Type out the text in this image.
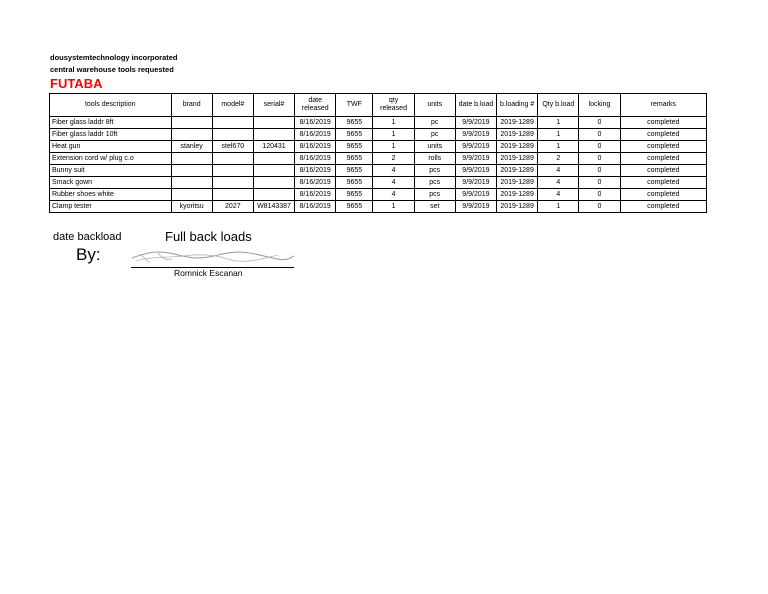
dousystemtechnology incorporated
central warehouse tools requested
FUTABA
tools description	brand	model#	serial#	date released	TWF	qty released	units	date b.load	b.loading #	Qty b.load	locking	remarks
Fiber glass laddr 8ft				8/16/2019	9655	1	pc	9/9/2019	2019-1289	1	0	completed
Fiber glass laddr 10ft				8/16/2019	9655	1	pc	9/9/2019	2019-1289	1	0	completed
Heat gun	stanley	stel670	120431	8/16/2019	9655	1	units	9/9/2019	2019-1289	1	0	completed
Extension cord w/ plug c.o				8/16/2019	9655	2	rolls	9/9/2019	2019-1289	2	0	completed
Bunny suit				8/16/2019	9655	4	pcs	9/9/2019	2019-1289	4	0	completed
Smack gown				8/16/2019	9655	4	pcs	9/9/2019	2019-1289	4	0	completed
Rubber shoes white				8/16/2019	9655	4	pcs	9/9/2019	2019-1289	4	0	completed
Clamp tester	kyoritsu	2027	W8143387	8/16/2019	9655	1	set	9/9/2019	2019-1289	1	0	completed
date backload	Full back loads
By:
Romnick Escanan
